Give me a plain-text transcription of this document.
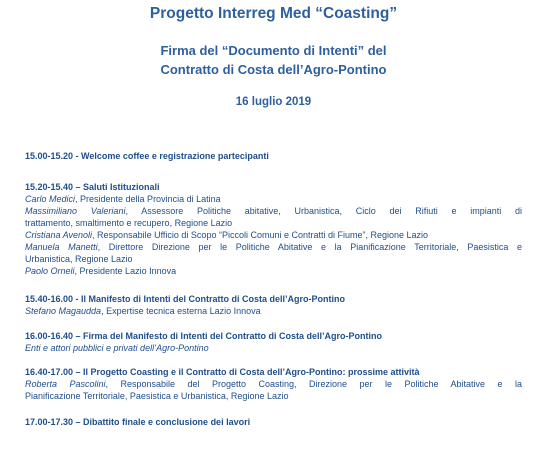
Progetto Interreg Med “Coasting”
Firma del “Documento di Intenti” del
Contratto di Costa dell’Agro-Pontino
16 luglio 2019
15.00-15.20 - Welcome coffee e registrazione partecipanti
15.20-15.40 – Saluti Istituzionali
Carlo Medici, Presidente della Provincia di Latina
Massimiliano Valeriani, Assessore Politiche abitative, Urbanistica, Ciclo dei Rifiuti e impianti di
trattamento, smaltimento e recupero, Regione Lazio
Cristiana Avenoli, Responsabile Ufficio di Scopo “Piccoli Comuni e Contratti di Fiume”, Regione Lazio
Manuela Manetti, Direttore Direzione per le Politiche Abitative e la Pianificazione Territoriale, Paesistica e
Urbanistica, Regione Lazio
Paolo Orneli, Presidente Lazio Innova
15.40-16.00 - Il Manifesto di Intenti del Contratto di Costa dell’Agro-Pontino
Stefano Magaudda, Expertise tecnica esterna Lazio Innova
16.00-16.40 – Firma del Manifesto di Intenti del Contratto di Costa dell’Agro-Pontino
Enti e attori pubblici e privati dell’Agro-Pontino
16.40-17.00 – Il Progetto Coasting e il Contratto di Costa dell’Agro-Pontino: prossime attività
Roberta Pascolini, Responsabile del Progetto Coasting, Direzione per le Politiche Abitative e la
Pianificazione Territoriale, Paesistica e Urbanistica, Regione Lazio
17.00-17.30 – Dibattito finale e conclusione dei lavori
